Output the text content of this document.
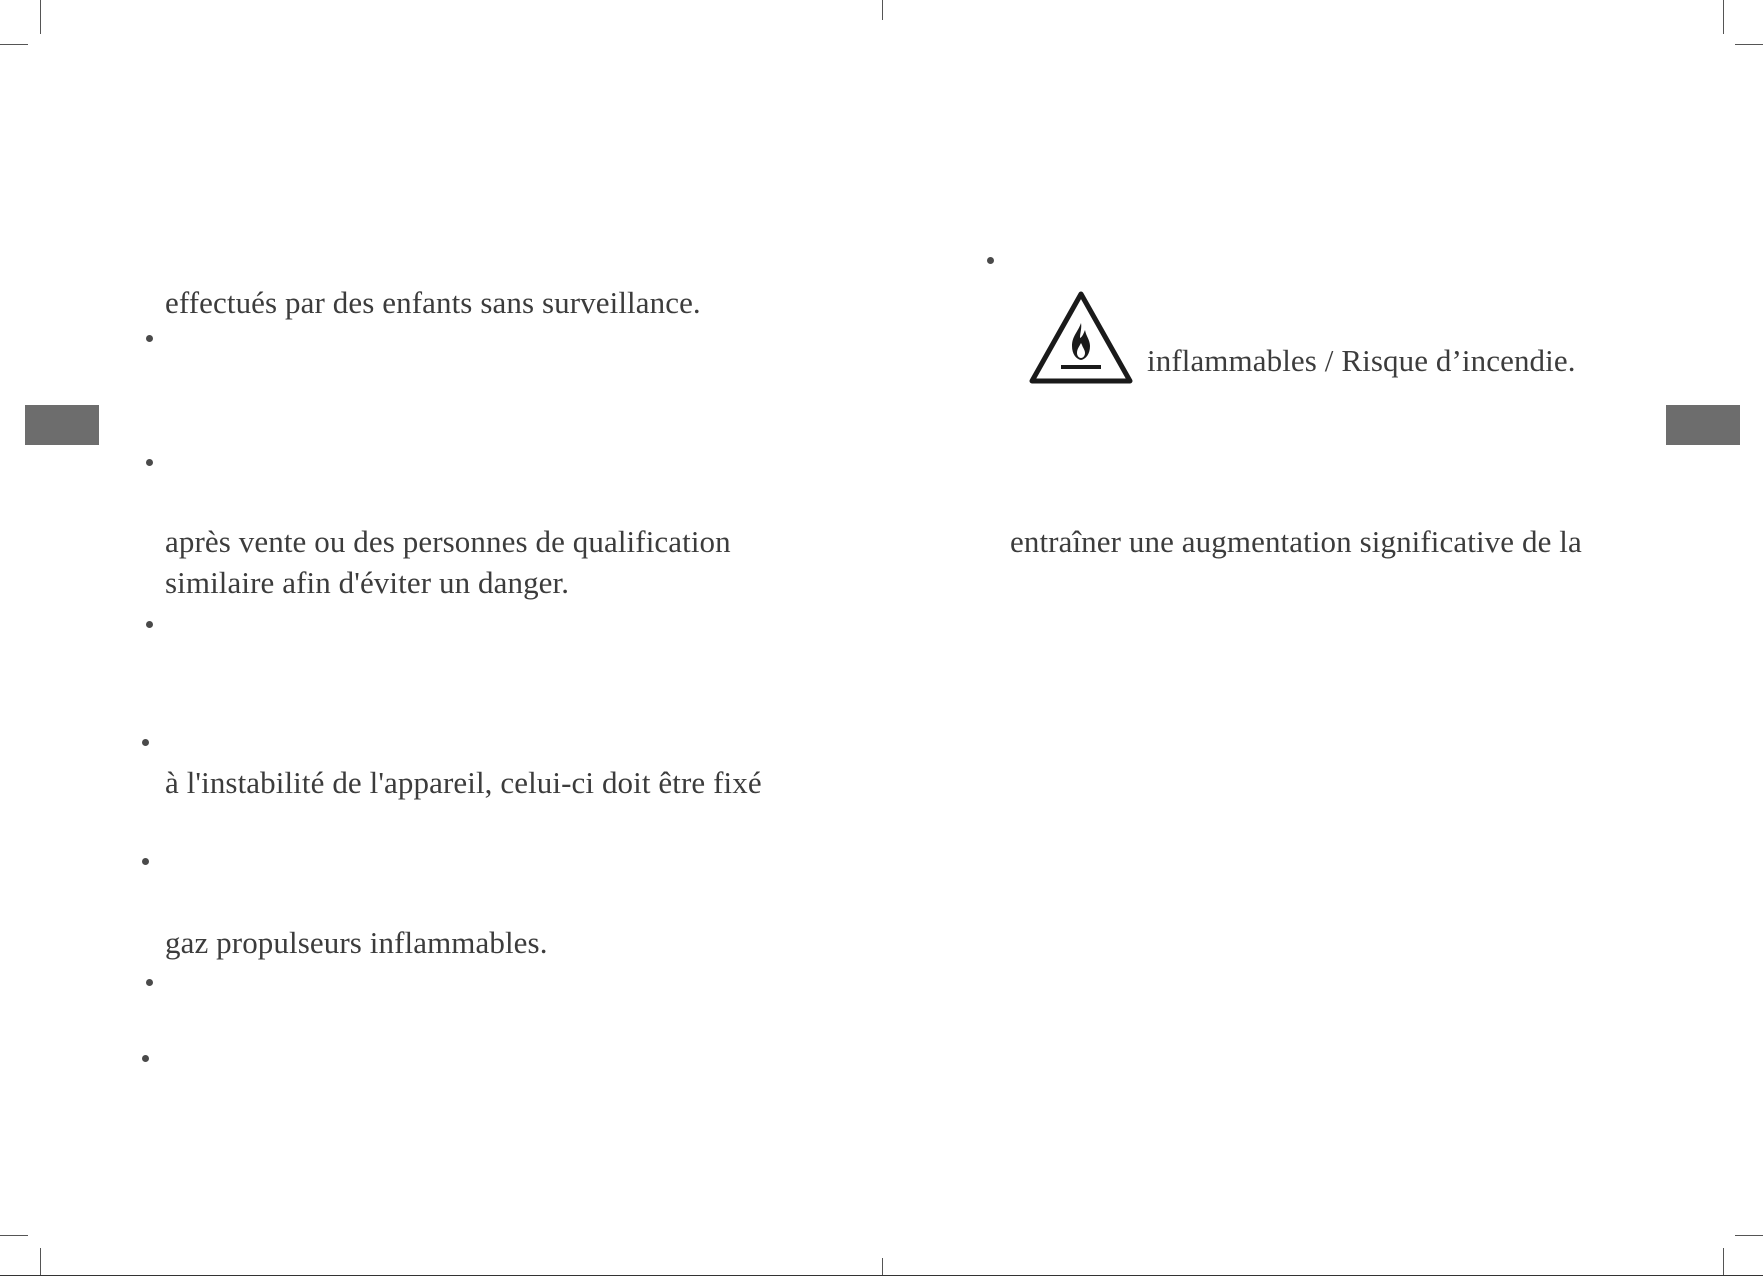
effectués par des enfants sans surveillance.
après vente ou des personnes de qualification
similaire afin d'éviter un danger.
à l'instabilité de l'appareil, celui-ci doit être fixé
gaz propulseurs inflammables.
inflammables / Risque d’incendie.
entraîner une augmentation significative de la
